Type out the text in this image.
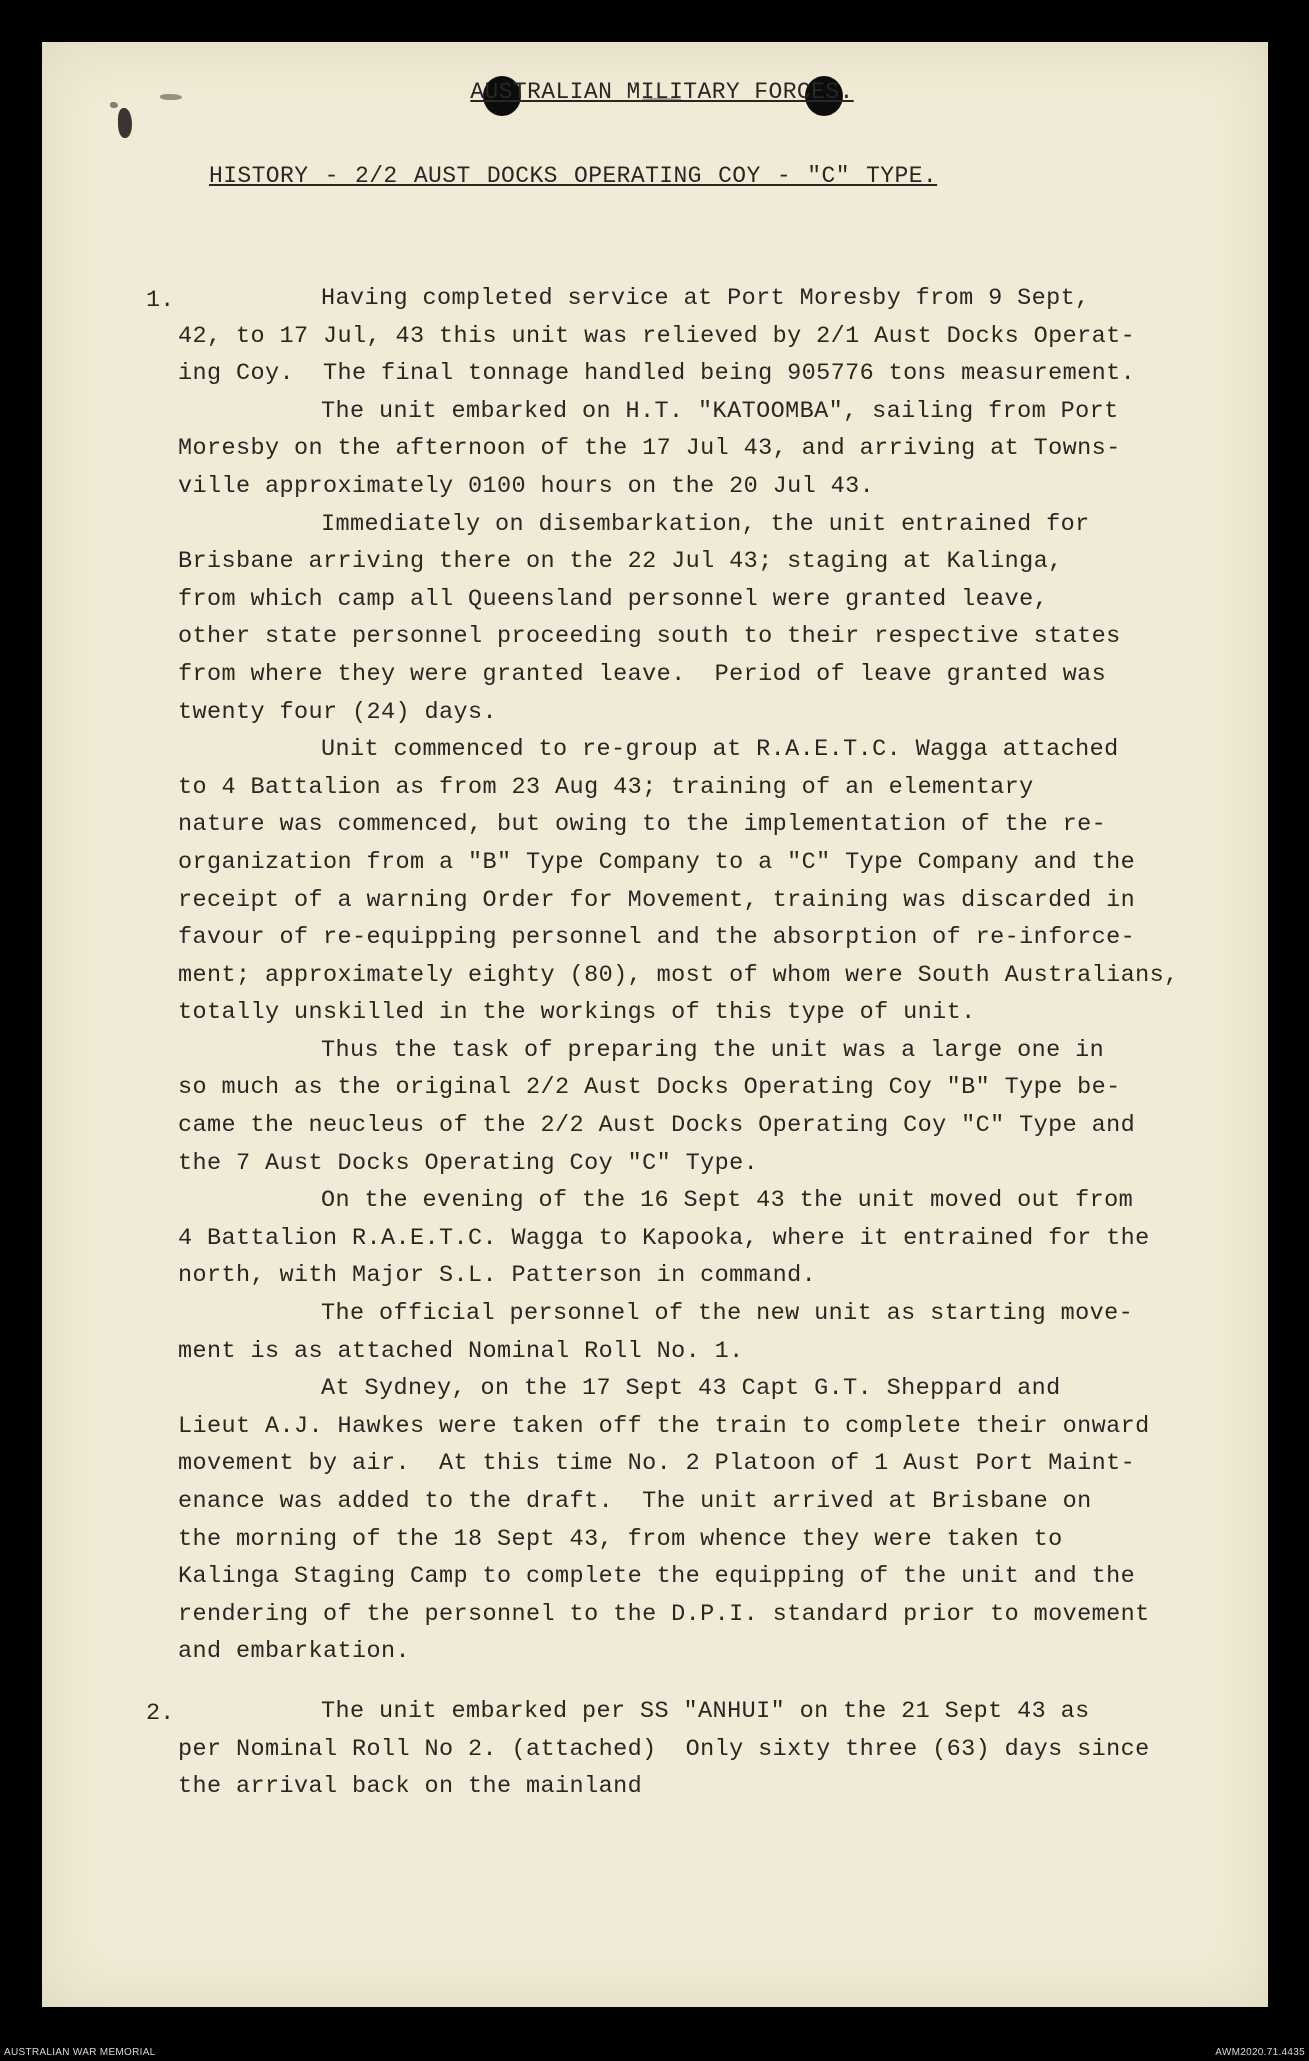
AUSTRALIAN MILITARY FORCES.
HISTORY - 2/2 AUST DOCKS OPERATING COY - "C" TYPE.
1.	Having completed service at Port Moresby from 9 Sept,
42, to 17 Jul, 43 this unit was relieved by 2/1 Aust Docks Operat-
ing Coy.  The final tonnage handled being 905776 tons measurement.
The unit embarked on H.T. "KATOOMBA", sailing from Port
Moresby on the afternoon of the 17 Jul 43, and arriving at Towns-
ville approximately 0100 hours on the 20 Jul 43.
Immediately on disembarkation, the unit entrained for
Brisbane arriving there on the 22 Jul 43; staging at Kalinga,
from which camp all Queensland personnel were granted leave,
other state personnel proceeding south to their respective states
from where they were granted leave.  Period of leave granted was
twenty four (24) days.
Unit commenced to re-group at R.A.E.T.C. Wagga attached
to 4 Battalion as from 23 Aug 43; training of an elementary
nature was commenced, but owing to the implementation of the re-
organization from a "B" Type Company to a "C" Type Company and the
receipt of a warning Order for Movement, training was discarded in
favour of re-equipping personnel and the absorption of re-inforce-
ment; approximately eighty (80), most of whom were South Australians,
totally unskilled in the workings of this type of unit.
Thus the task of preparing the unit was a large one in
so much as the original 2/2 Aust Docks Operating Coy "B" Type be-
came the neucleus of the 2/2 Aust Docks Operating Coy "C" Type and
the 7 Aust Docks Operating Coy "C" Type.
On the evening of the 16 Sept 43 the unit moved out from
4 Battalion R.A.E.T.C. Wagga to Kapooka, where it entrained for the
north, with Major S.L. Patterson in command.
The official personnel of the new unit as starting move-
ment is as attached Nominal Roll No. 1.
At Sydney, on the 17 Sept 43 Capt G.T. Sheppard and
Lieut A.J. Hawkes were taken off the train to complete their onward
movement by air.  At this time No. 2 Platoon of 1 Aust Port Maint-
enance was added to the draft.  The unit arrived at Brisbane on
the morning of the 18 Sept 43, from whence they were taken to
Kalinga Staging Camp to complete the equipping of the unit and the
rendering of the personnel to the D.P.I. standard prior to movement
and embarkation.
2.	The unit embarked per SS "ANHUI" on the 21 Sept 43 as
per Nominal Roll No 2. (attached)  Only sixty three (63) days since
the arrival back on the mainland
AUSTRALIAN WAR MEMORIAL	AWM2020.71.4435
